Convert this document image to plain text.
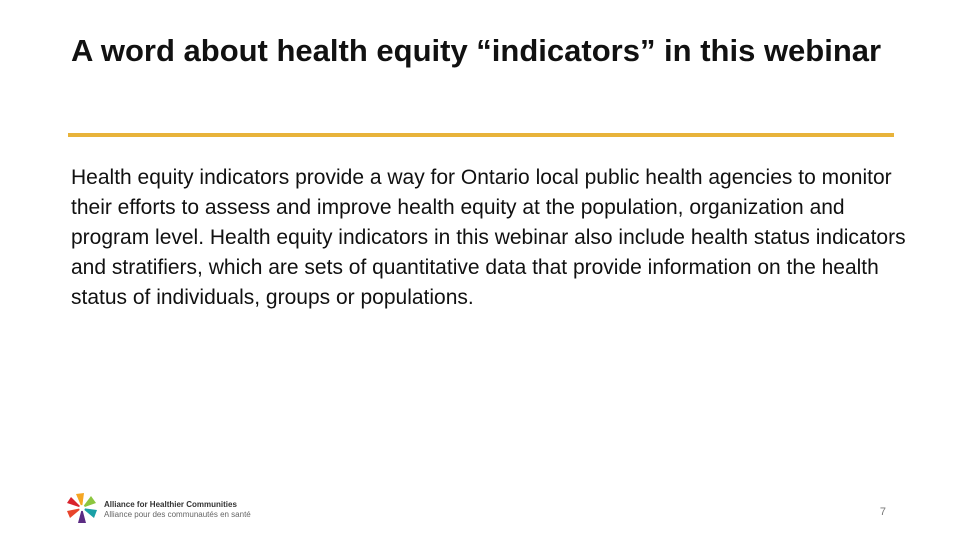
A word about health equity “indicators” in this webinar

Health equity indicators provide a way for Ontario local public health agencies to monitor their efforts to assess and improve health equity at the population, organization and program level. Health equity indicators in this webinar also include health status indicators and stratifiers, which are sets of quantitative data that provide information on the health status of individuals, groups or populations.

Alliance for Healthier Communities
Alliance pour des communautés en santé	7
